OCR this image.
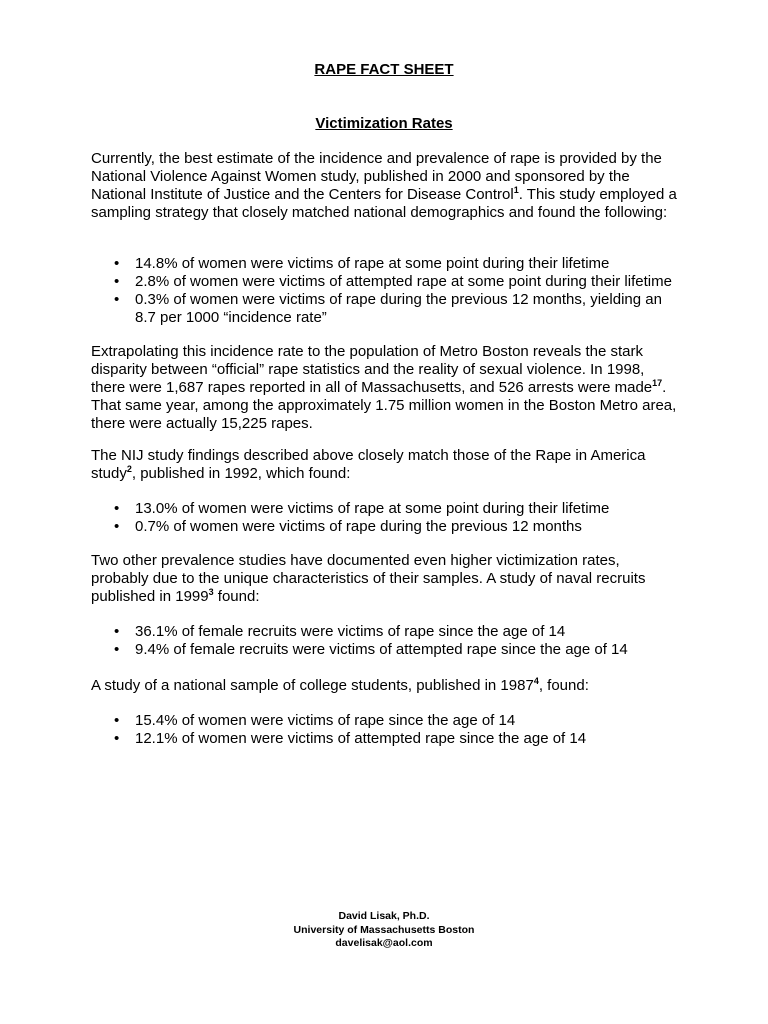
RAPE FACT SHEET
Victimization Rates

Currently, the best estimate of the incidence and prevalence of rape is provided by the National Violence Against Women study, published in 2000 and sponsored by the National Institute of Justice and the Centers for Disease Control$^1$. This study employed a sampling strategy that closely matched national demographics and found the following:

• 14.8% of women were victims of rape at some point during their lifetime
• 2.8% of women were victims of attempted rape at some point during their lifetime
• 0.3% of women were victims of rape during the previous 12 months, yielding an 8.7 per 1000 “incidence rate”

Extrapolating this incidence rate to the population of Metro Boston reveals the stark disparity between “official” rape statistics and the reality of sexual violence. In 1998, there were 1,687 rapes reported in all of Massachusetts, and 526 arrests were made$^{17}$. That same year, among the approximately 1.75 million women in the Boston Metro area, there were actually 15,225 rapes.

The NIJ study findings described above closely match those of the Rape in America study$^2$, published in 1992, which found:

• 13.0% of women were victims of rape at some point during their lifetime
• 0.7% of women were victims of rape during the previous 12 months

Two other prevalence studies have documented even higher victimization rates, probably due to the unique characteristics of their samples. A study of naval recruits published in 1999$^3$ found:

• 36.1% of female recruits were victims of rape since the age of 14
• 9.4% of female recruits were victims of attempted rape since the age of 14

A study of a national sample of college students, published in 1987$^4$, found:

• 15.4% of women were victims of rape since the age of 14
• 12.1% of women were victims of attempted rape since the age of 14
David Lisak, Ph.D.
University of Massachusetts Boston
davelisak@aol.com
